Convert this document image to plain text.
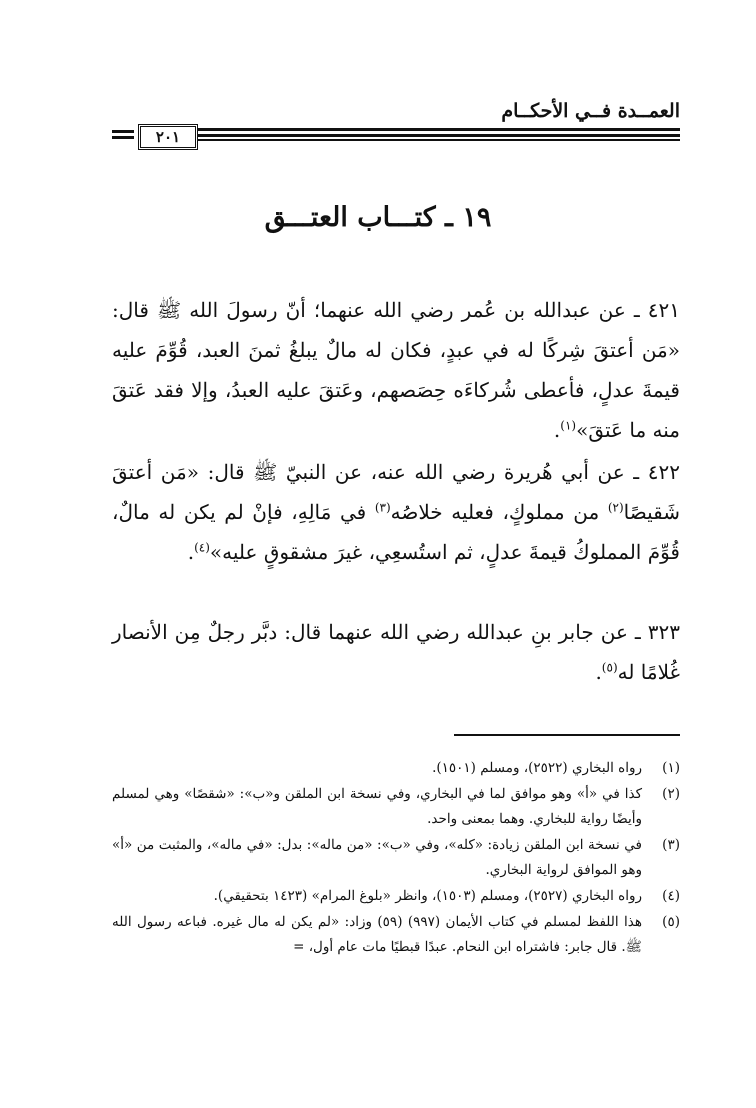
العمــدة فــي الأحكــام
٢٠١
١٩ ـ كتـــاب العتـــق
٤٢١ ـ عن عبدالله بن عُمر رضي الله عنهما؛ أنّ رسولَ الله ﷺ قال: «مَن أعتقَ شِركًا له في عبدٍ، فكان له مالٌ يبلغُ ثمنَ العبد، قُوِّمَ عليه قيمةَ عدلٍ، فأعطى شُركاءَه حِصَصهم، وعَتقَ عليه العبدُ، وإلا فقد عَتقَ منه ما عَتقَ»$^{(١)}$.
٤٢٢ ـ عن أبي هُريرة رضي الله عنه، عن النبيّ ﷺ قال: «مَن أعتقَ شَقيصًا$^{(٢)}$ من مملوكٍ، فعليه خلاصُه$^{(٣)}$ في مَالِهِ، فإنْ لم يكن له مالٌ، قُوِّمَ المملوكُ قيمةَ عدلٍ، ثم استُسعِي، غيرَ مشقوقٍ عليه»$^{(٤)}$.
٣٢٣ ـ عن جابر بنِ عبدالله رضي الله عنهما قال: دبَّر رجلٌ مِن الأنصار غُلامًا له$^{(٥)}$.
(١)
رواه البخاري (٢٥٢٢)، ومسلم (١٥٠١).
(٢)
كذا في «أ» وهو موافق لما في البخاري، وفي نسخة ابن الملقن و«ب»: «شقصًا» وهي لمسلم وأيضًا رواية للبخاري. وهما بمعنى واحد.
(٣)
في نسخة ابن الملقن زيادة: «كله»، وفي «ب»: «من ماله»: بدل: «في ماله»، والمثبت من «أ» وهو الموافق لرواية البخاري.
(٤)
رواه البخاري (٢٥٢٧)، ومسلم (١٥٠٣)، وانظر «بلوغ المرام» (١٤٢٣ بتحقيقي).
(٥)
هذا اللفظ لمسلم في كتاب الأيمان (٩٩٧) (٥٩) وزاد: «لم يكن له مال غيره. فباعه رسول الله ﷺ. قال جابر: فاشتراه ابن النحام. عبدًا قبطيًا مات عام أول، =
